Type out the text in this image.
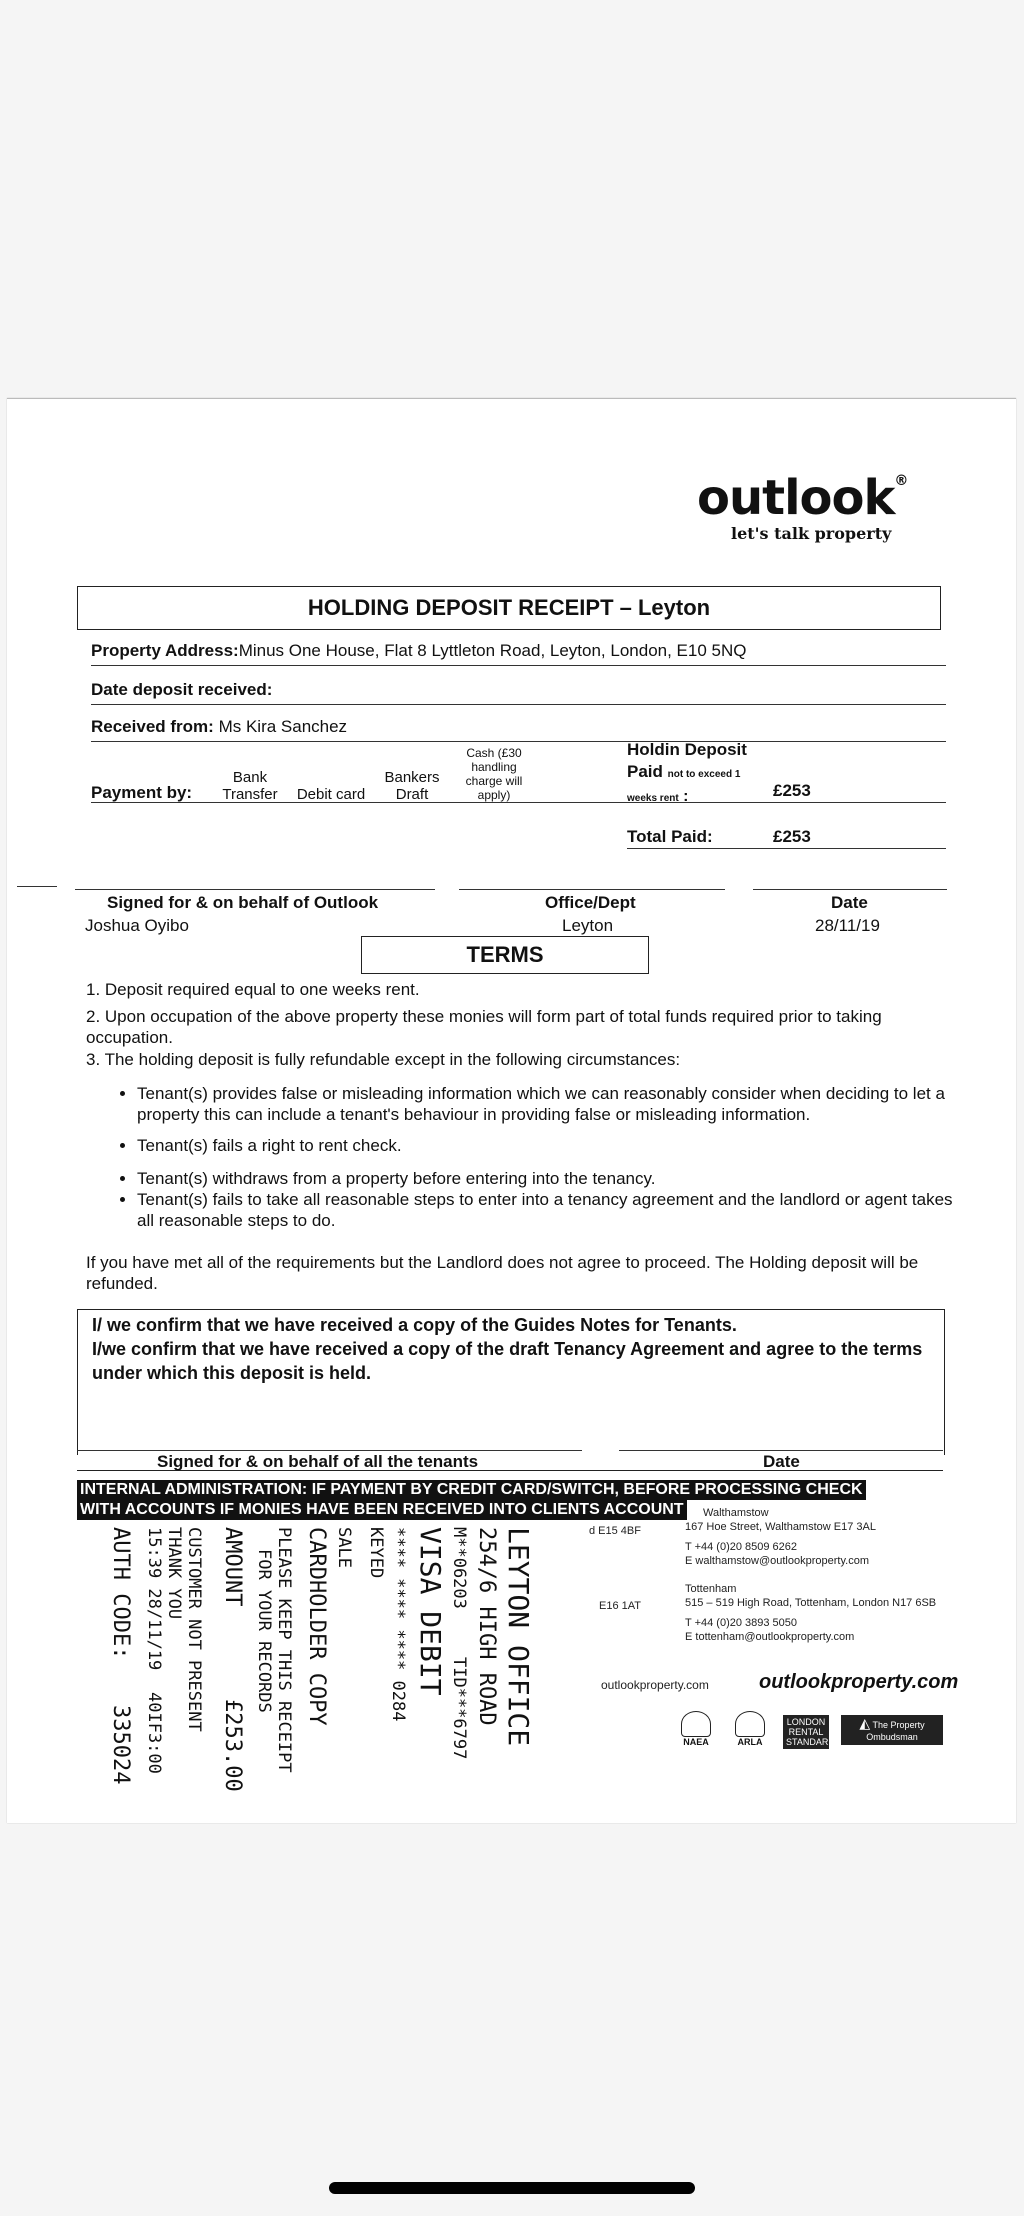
outlook®
let's talk property
HOLDING DEPOSIT RECEIPT – Leyton
Property Address:Minus One House, Flat 8 Lyttleton Road, Leyton, London, E10 5NQ
Date deposit received:
Received from: Ms Kira Sanchez
Payment by:
Bank
Transfer	Debit card
Bankers
Draft
Cash (£30
handling
charge will
apply)
Holdin Deposit
Paid not to exceed 1
weeks rent :	£253
Total Paid:	£253
Signed for & on behalf of Outlook
Joshua Oyibo
Office/Dept
Leyton
Date
28/11/19
TERMS
1. Deposit required equal to one weeks rent.
2. Upon occupation of the above property these monies will form part of total funds required prior to taking occupation.
3. The holding deposit is fully refundable except in the following circumstances:
• Tenant(s) provides false or misleading information which we can reasonably consider when deciding to let a property this can include a tenant's behaviour in providing false or misleading information.
• Tenant(s) fails a right to rent check.
• Tenant(s) withdraws from a property before entering into the tenancy.
• Tenant(s) fails to take all reasonable steps to enter into a tenancy agreement and the landlord or agent takes all reasonable steps to do.
If you have met all of the requirements but the Landlord does not agree to proceed. The Holding deposit will be refunded.
I/ we confirm that we have received a copy of the Guides Notes for Tenants.
I/we confirm that we have received a copy of the draft Tenancy Agreement and agree to the terms under which this deposit is held.
Signed for & on behalf of all the tenants	Date
INTERNAL ADMINISTRATION: IF PAYMENT BY CREDIT CARD/SWITCH, BEFORE PROCESSING CHECK
WITH ACCOUNTS IF MONIES HAVE BEEN RECEIVED INTO CLIENTS ACCOUNT
d E15 4BF
E16 1AT
Walthamstow
167 Hoe Street, Walthamstow E17 3AL
T +44 (0)20 8509 6262
E walthamstow@outlookproperty.com
Tottenham
515 – 519 High Road, Tottenham, London N17 6SB
T +44 (0)20 3893 5050
E tottenham@outlookproperty.com
outlookproperty.com	outlookproperty.com
NAEA	ARLA
LONDON RENTAL STANDARD
◭ The Property Ombudsman
LEYTON OFFICE
254/6 HIGH ROAD
M**06203
TID***6797
VISA DEBIT
**** **** **** 0284
KEYED
SALE
CARDHOLDER COPY
PLEASE KEEP THIS RECEIPT
FOR YOUR RECORDS
AMOUNT
£253.00
CUSTOMER NOT PRESENT
THANK YOU
15:39 28/11/19
40IF3:00
AUTH CODE:
335024
